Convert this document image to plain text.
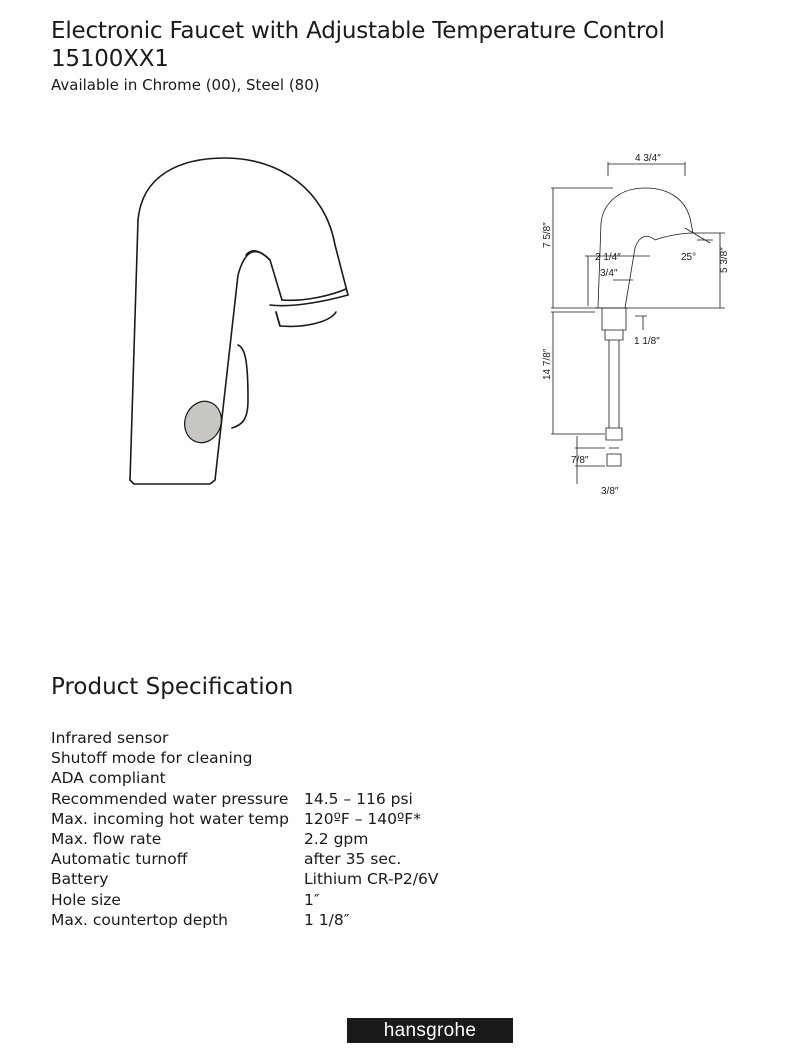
Electronic Faucet with Adjustable Temperature Control
15100XX1
Available in Chrome (00), Steel (80)
4 3/4″
7 5/8″
2 1/4″
3/4″
25° 5 3/8″
1 1/8″
14 7/8″
7/8″
3/8″
Product Specification
Infrared sensor	
Shutoff mode for cleaning	
ADA compliant	
Recommended water pressure	14.5 – 116 psi
Max. incoming hot water temp	120ºF – 140ºF*
Max. flow rate	2.2 gpm
Automatic turnoff	after 35 sec.
Battery	Lithium CR-P2/6V
Hole size	1″
Max. countertop depth	1 1/8″
hansgrohe
